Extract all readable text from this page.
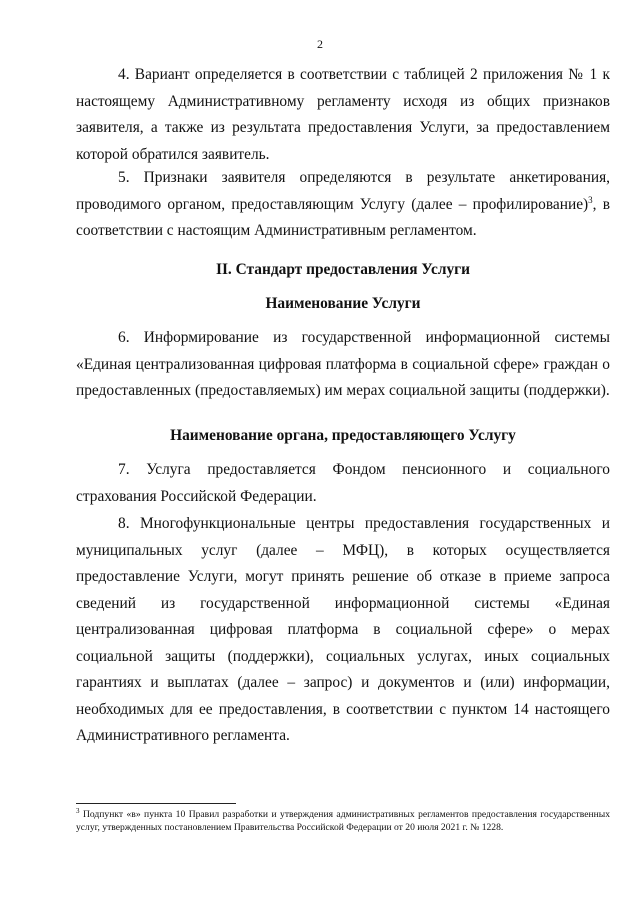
2

4. Вариант определяется в соответствии с таблицей 2 приложения № 1 к настоящему Административному регламенту исходя из общих признаков заявителя, а также из результата предоставления Услуги, за предоставлением которой обратился заявитель.

5. Признаки заявителя определяются в результате анкетирования, проводимого органом, предоставляющим Услугу (далее – профилирование)$^3$, в соответствии с настоящим Административным регламентом.

II. Стандарт предоставления Услуги
Наименование Услуги

6. Информирование из государственной информационной системы «Единая централизованная цифровая платформа в социальной сфере» граждан о предоставленных (предоставляемых) им мерах социальной защиты (поддержки).

Наименование органа, предоставляющего Услугу

7. Услуга предоставляется Фондом пенсионного и социального страхования Российской Федерации.

8. Многофункциональные центры предоставления государственных и муниципальных услуг (далее – МФЦ), в которых осуществляется предоставление Услуги, могут принять решение об отказе в приеме запроса сведений из государственной информационной системы «Единая централизованная цифровая платформа в социальной сфере» о мерах социальной защиты (поддержки), социальных услугах, иных социальных гарантиях и выплатах (далее – запрос) и документов и (или) информации, необходимых для ее предоставления, в соответствии с пунктом 14 настоящего Административного регламента.

$^3$ Подпункт «в» пункта 10 Правил разработки и утверждения административных регламентов предоставления государственных услуг, утвержденных постановлением Правительства Российской Федерации от 20 июля 2021 г. № 1228.
